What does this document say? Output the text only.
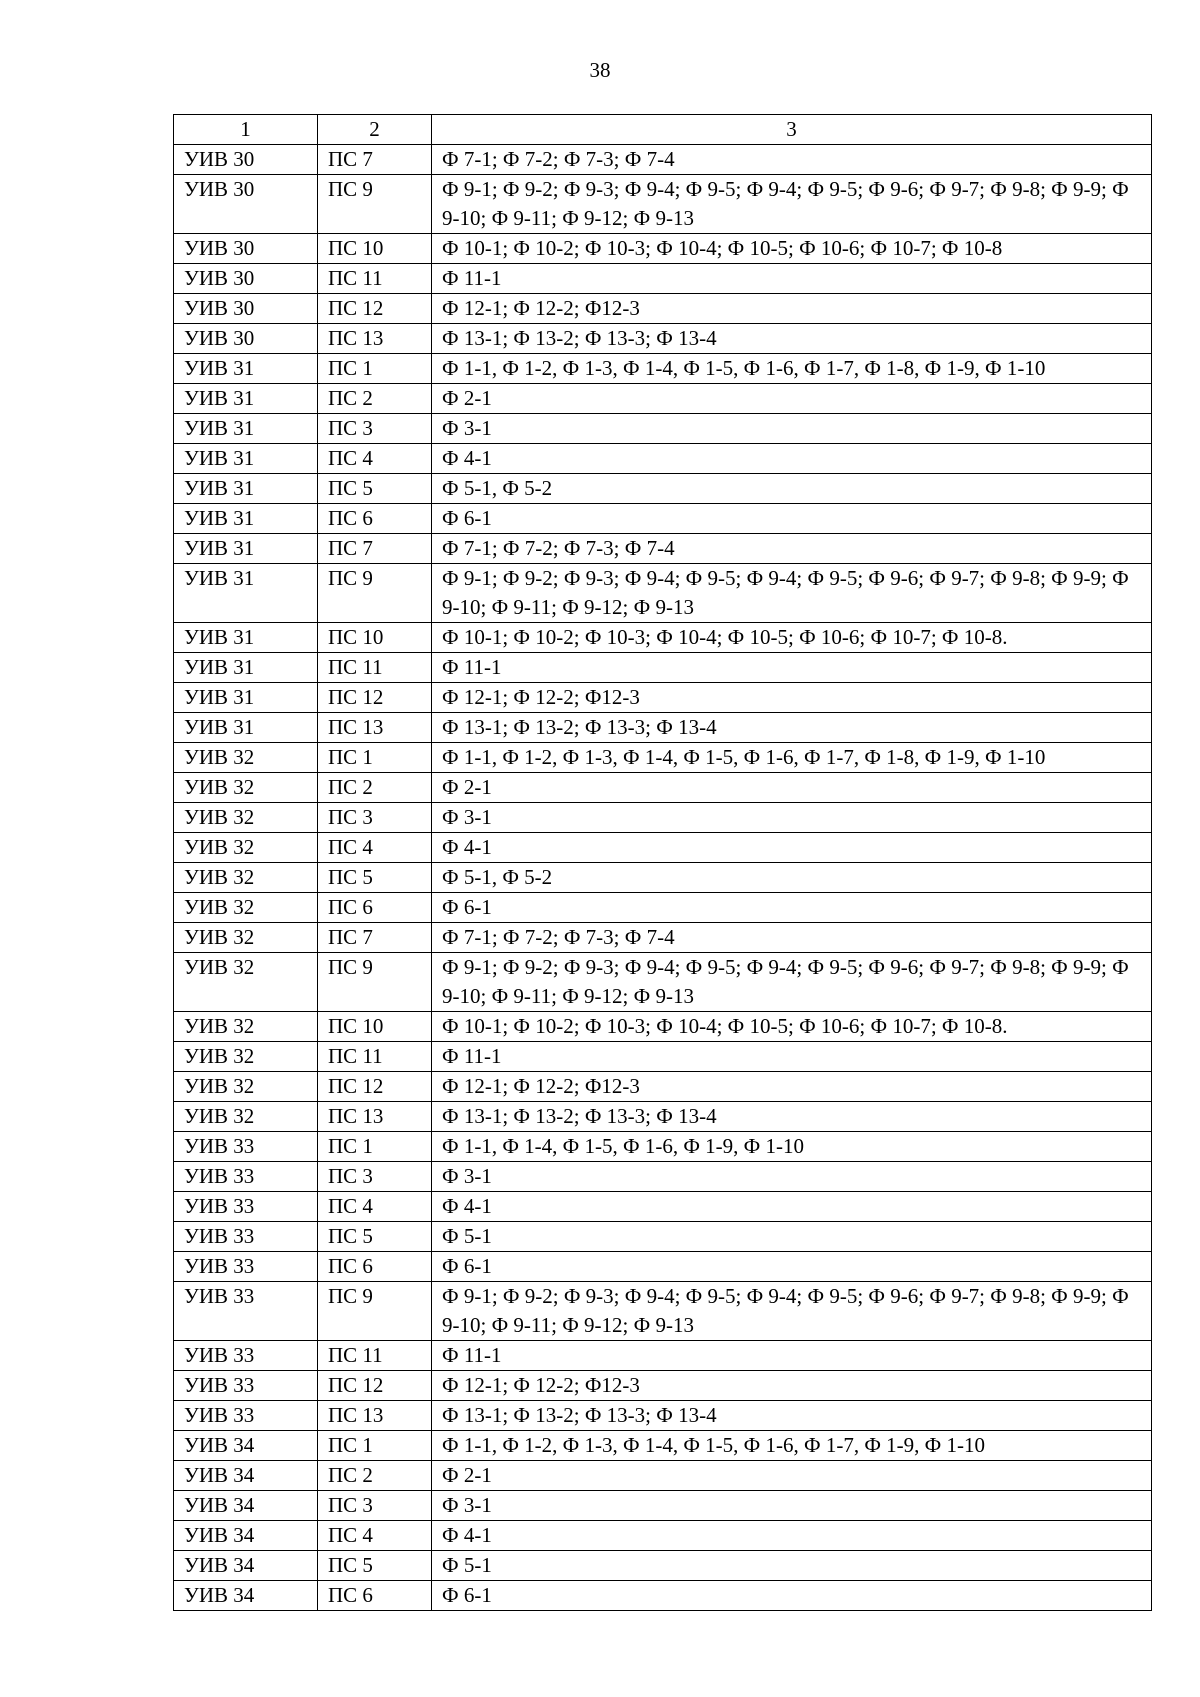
38
1	2	3
УИВ 30	ПС 7	Ф 7-1; Ф 7-2; Ф 7-3; Ф 7-4
УИВ 30	ПС 9	Ф 9-1; Ф 9-2; Ф 9-3; Ф 9-4; Ф 9-5; Ф 9-4; Ф 9-5; Ф 9-6; Ф 9-7; Ф 9-8; Ф 9-9; Ф 9-10; Ф 9-11; Ф 9-12; Ф 9-13
УИВ 30	ПС 10	Ф 10-1; Ф 10-2; Ф 10-3; Ф 10-4; Ф 10-5; Ф 10-6; Ф 10-7; Ф 10-8
УИВ 30	ПС 11	Ф 11-1
УИВ 30	ПС 12	Ф 12-1; Ф 12-2; Ф12-3
УИВ 30	ПС 13	Ф 13-1; Ф 13-2; Ф 13-3; Ф 13-4
УИВ 31	ПС 1	Ф 1-1, Ф 1-2, Ф 1-3, Ф 1-4, Ф 1-5, Ф 1-6, Ф 1-7, Ф 1-8, Ф 1-9, Ф 1-10
УИВ 31	ПС 2	Ф 2-1
УИВ 31	ПС 3	Ф 3-1
УИВ 31	ПС 4	Ф 4-1
УИВ 31	ПС 5	Ф 5-1, Ф 5-2
УИВ 31	ПС 6	Ф 6-1
УИВ 31	ПС 7	Ф 7-1; Ф 7-2; Ф 7-3; Ф 7-4
УИВ 31	ПС 9	Ф 9-1; Ф 9-2; Ф 9-3; Ф 9-4; Ф 9-5; Ф 9-4; Ф 9-5; Ф 9-6; Ф 9-7; Ф 9-8; Ф 9-9; Ф 9-10; Ф 9-11; Ф 9-12; Ф 9-13
УИВ 31	ПС 10	Ф 10-1; Ф 10-2; Ф 10-3; Ф 10-4; Ф 10-5; Ф 10-6; Ф 10-7; Ф 10-8.
УИВ 31	ПС 11	Ф 11-1
УИВ 31	ПС 12	Ф 12-1; Ф 12-2; Ф12-3
УИВ 31	ПС 13	Ф 13-1; Ф 13-2; Ф 13-3; Ф 13-4
УИВ 32	ПС 1	Ф 1-1, Ф 1-2, Ф 1-3, Ф 1-4, Ф 1-5, Ф 1-6, Ф 1-7, Ф 1-8, Ф 1-9, Ф 1-10
УИВ 32	ПС 2	Ф 2-1
УИВ 32	ПС 3	Ф 3-1
УИВ 32	ПС 4	Ф 4-1
УИВ 32	ПС 5	Ф 5-1, Ф 5-2
УИВ 32	ПС 6	Ф 6-1
УИВ 32	ПС 7	Ф 7-1; Ф 7-2; Ф 7-3; Ф 7-4
УИВ 32	ПС 9	Ф 9-1; Ф 9-2; Ф 9-3; Ф 9-4; Ф 9-5; Ф 9-4; Ф 9-5; Ф 9-6; Ф 9-7; Ф 9-8; Ф 9-9; Ф 9-10; Ф 9-11; Ф 9-12; Ф 9-13
УИВ 32	ПС 10	Ф 10-1; Ф 10-2; Ф 10-3; Ф 10-4; Ф 10-5; Ф 10-6; Ф 10-7; Ф 10-8.
УИВ 32	ПС 11	Ф 11-1
УИВ 32	ПС 12	Ф 12-1; Ф 12-2; Ф12-3
УИВ 32	ПС 13	Ф 13-1; Ф 13-2; Ф 13-3; Ф 13-4
УИВ 33	ПС 1	Ф 1-1, Ф 1-4, Ф 1-5, Ф 1-6, Ф 1-9, Ф 1-10
УИВ 33	ПС 3	Ф 3-1
УИВ 33	ПС 4	Ф 4-1
УИВ 33	ПС 5	Ф 5-1
УИВ 33	ПС 6	Ф 6-1
УИВ 33	ПС 9	Ф 9-1; Ф 9-2; Ф 9-3; Ф 9-4; Ф 9-5; Ф 9-4; Ф 9-5; Ф 9-6; Ф 9-7; Ф 9-8; Ф 9-9; Ф 9-10; Ф 9-11; Ф 9-12; Ф 9-13
УИВ 33	ПС 11	Ф 11-1
УИВ 33	ПС 12	Ф 12-1; Ф 12-2; Ф12-3
УИВ 33	ПС 13	Ф 13-1; Ф 13-2; Ф 13-3; Ф 13-4
УИВ 34	ПС 1	Ф 1-1, Ф 1-2, Ф 1-3, Ф 1-4, Ф 1-5, Ф 1-6, Ф 1-7, Ф 1-9, Ф 1-10
УИВ 34	ПС 2	Ф 2-1
УИВ 34	ПС 3	Ф 3-1
УИВ 34	ПС 4	Ф 4-1
УИВ 34	ПС 5	Ф 5-1
УИВ 34	ПС 6	Ф 6-1
